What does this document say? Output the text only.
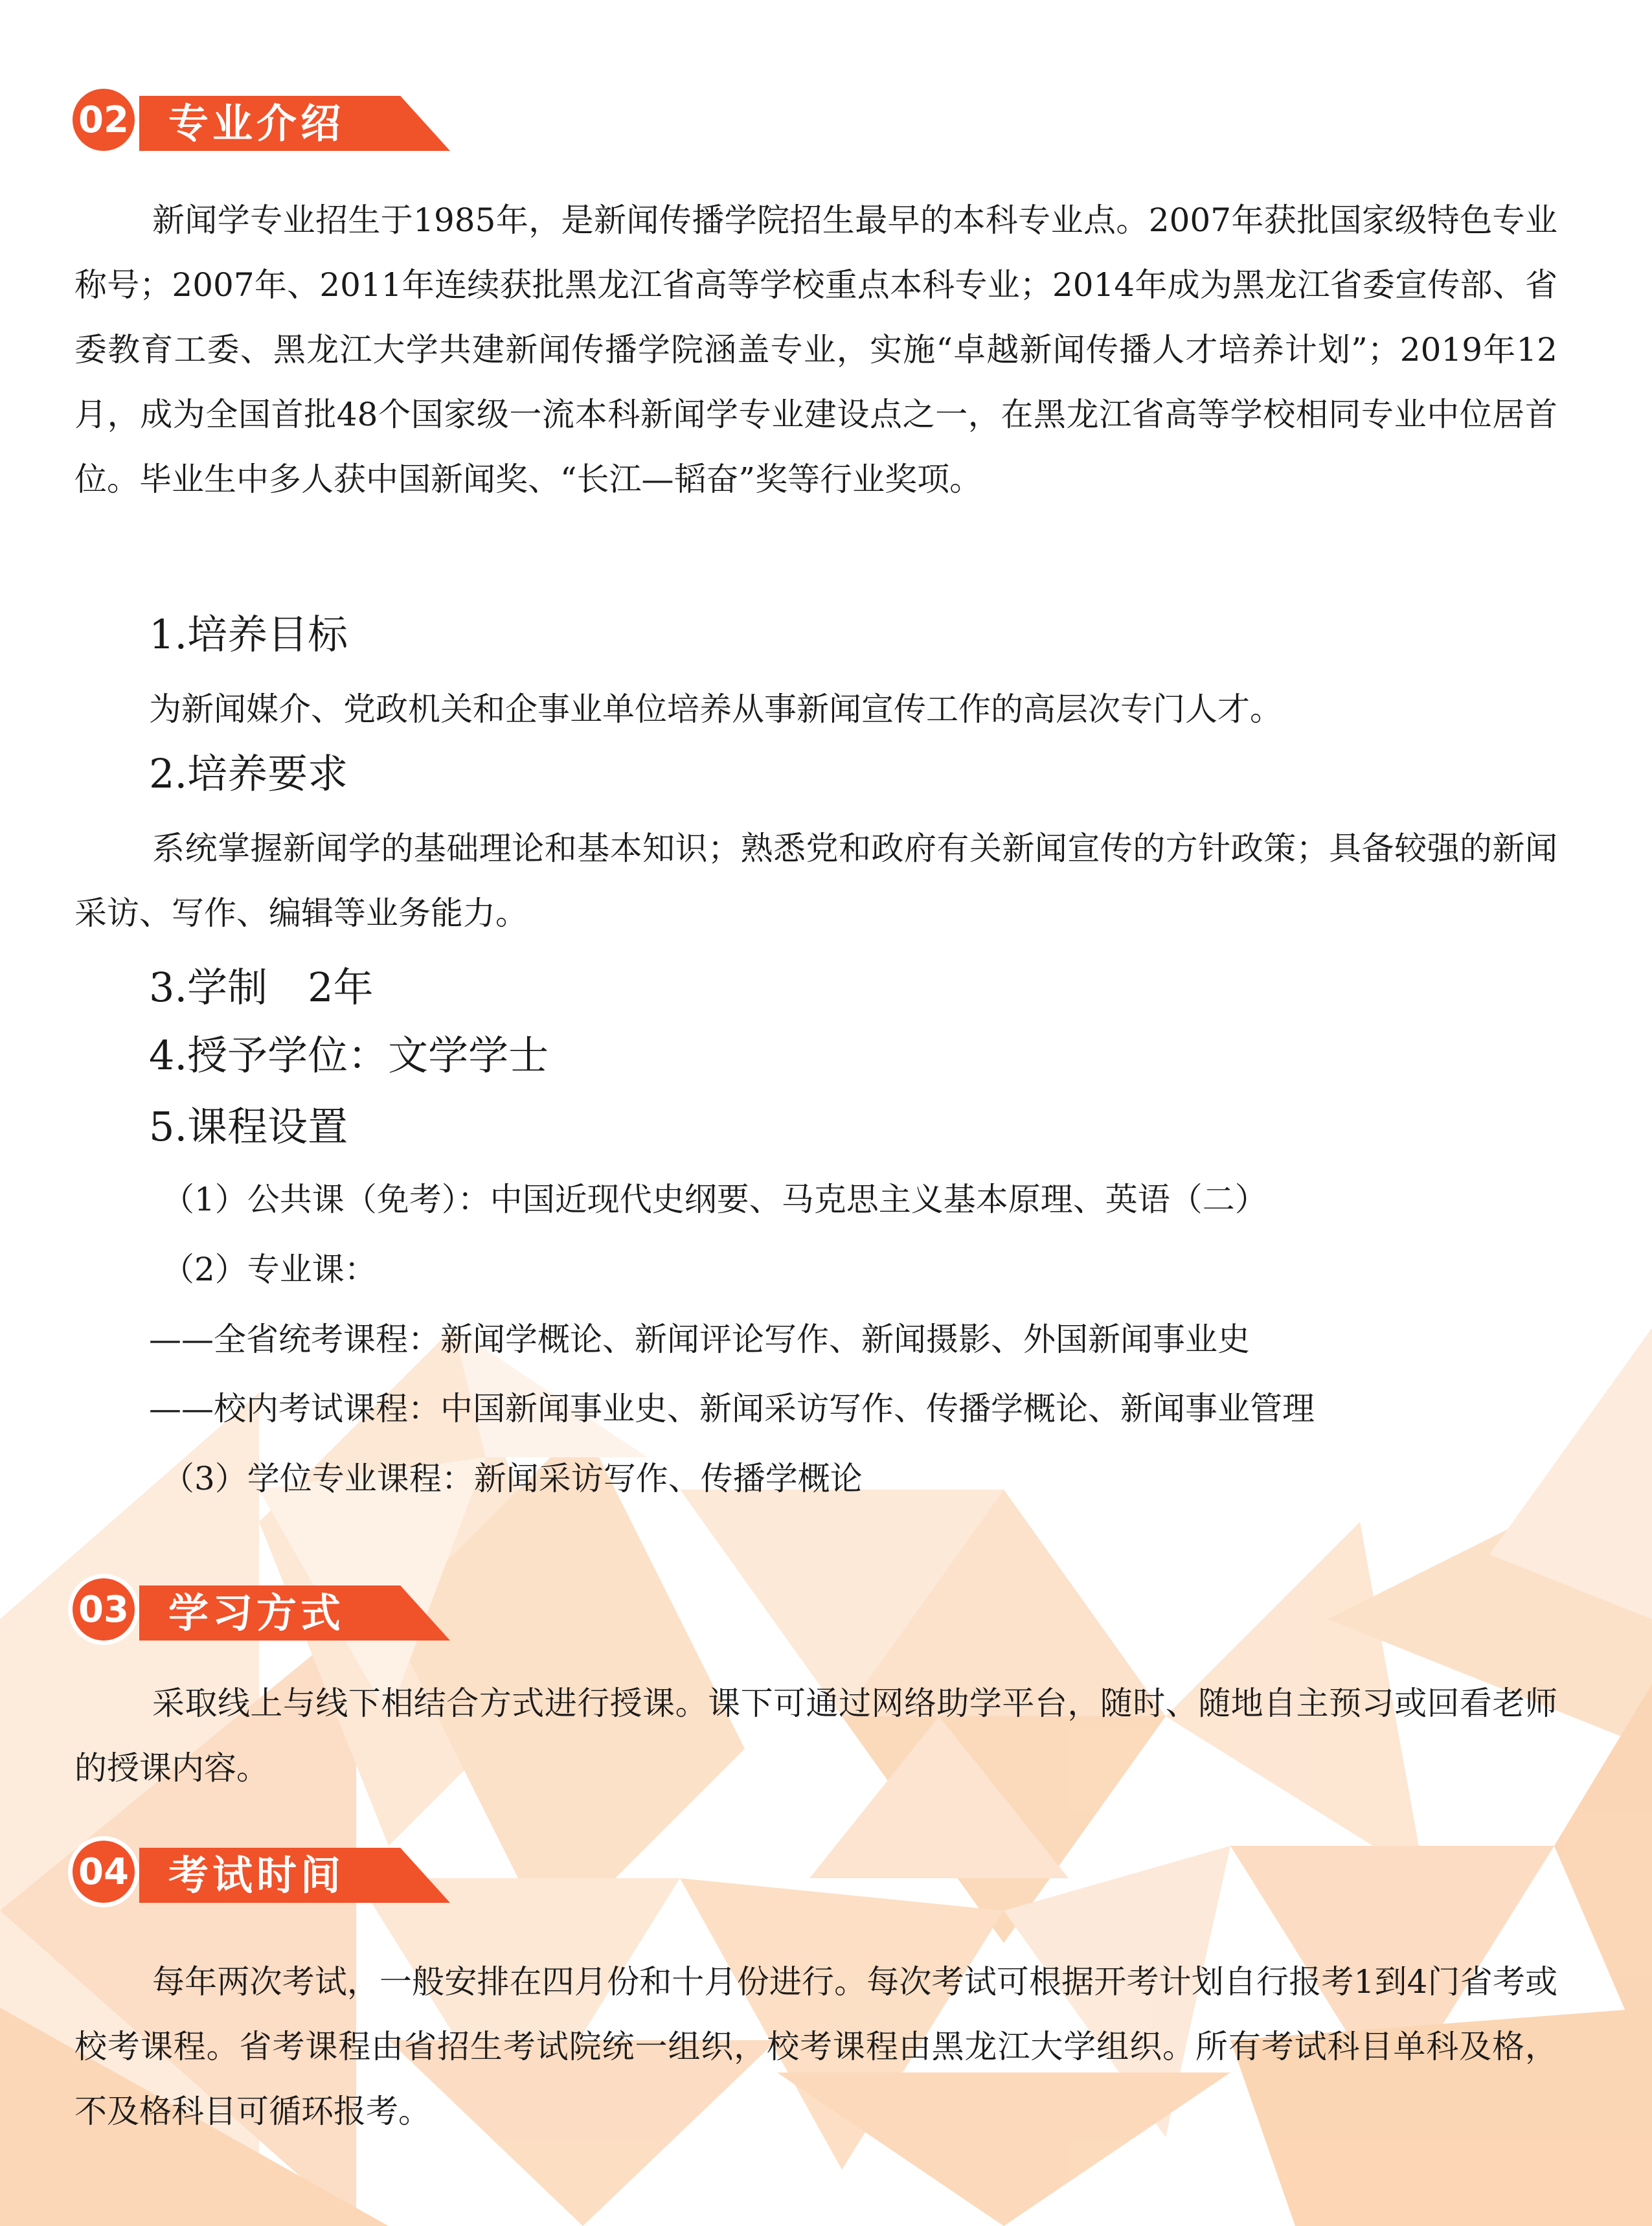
02 专业介绍

新闻学专业招生于1985年，是新闻传播学院招生最早的本科专业点。2007年获批国家级特色专业称号；2007年、2011年连续获批黑龙江省高等学校重点本科专业；2014年成为黑龙江省委宣传部、省委教育工委、黑龙江大学共建新闻传播学院涵盖专业，实施“卓越新闻传播人才培养计划”；2019年12月，成为全国首批48个国家级一流本科新闻学专业建设点之一，在黑龙江省高等学校相同专业中位居首位。毕业生中多人获中国新闻奖、“长江—韬奋”奖等行业奖项。

1.培养目标
为新闻媒介、党政机关和企事业单位培养从事新闻宣传工作的高层次专门人才。
2.培养要求

系统掌握新闻学的基础理论和基本知识；熟悉党和政府有关新闻宣传的方针政策；具备较强的新闻采访、写作、编辑等业务能力。

3.学制　2年
4.授予学位：文学学士
5.课程设置
（1）公共课（免考）：中国近现代史纲要、马克思主义基本原理、英语（二）
（2）专业课：
——全省统考课程：新闻学概论、新闻评论写作、新闻摄影、外国新闻事业史
——校内考试课程：中国新闻事业史、新闻采访写作、传播学概论、新闻事业管理
（3）学位专业课程：新闻采访写作、传播学概论
03 学习方式

采取线上与线下相结合方式进行授课。课下可通过网络助学平台，随时、随地自主预习或回看老师的授课内容。

04 考试时间

每年两次考试，一般安排在四月份和十月份进行。每次考试可根据开考计划自行报考1到4门省考或校考课程。省考课程由省招生考试院统一组织，校考课程由黑龙江大学组织。所有考试科目单科及格，不及格科目可循环报考。
